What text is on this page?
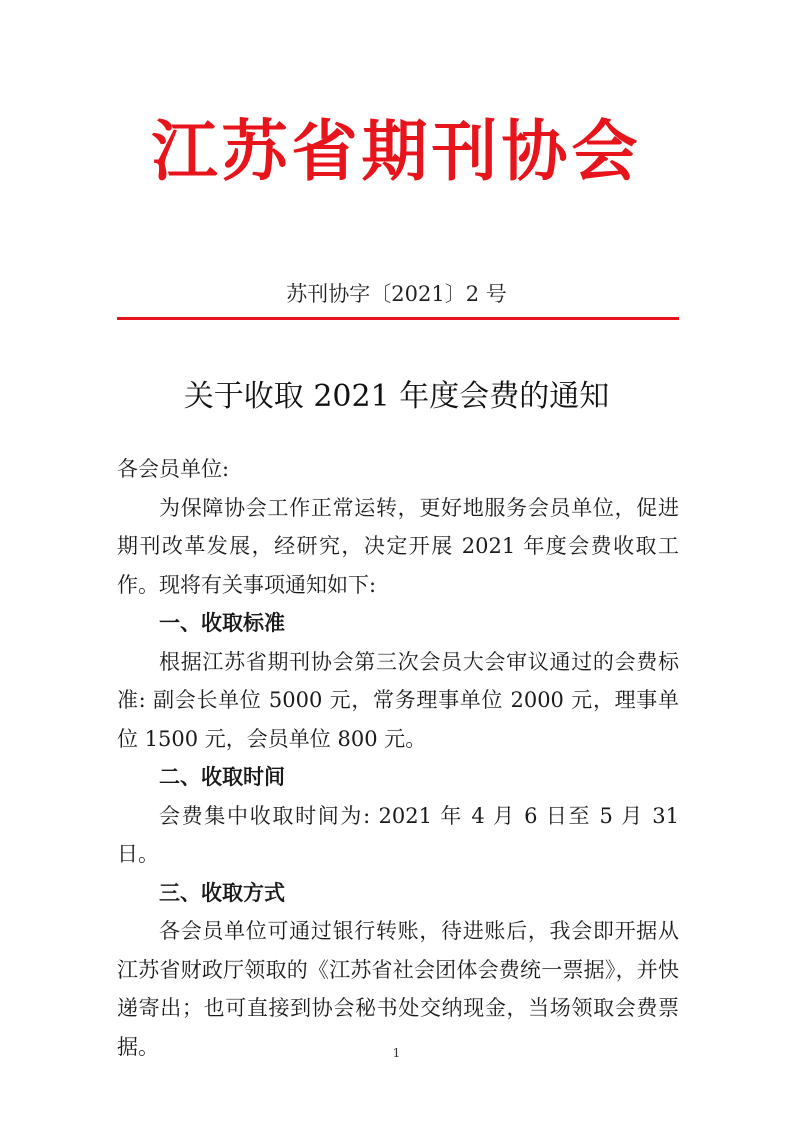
江苏省期刊协会
苏刊协字〔2021〕2 号
关于收取 2021 年度会费的通知

各会员单位:

为保障协会工作正常运转，更好地服务会员单位，促进期刊改革发展，经研究，决定开展 2021 年度会费收取工作。现将有关事项通知如下:

一、收取标准

根据江苏省期刊协会第三次会员大会审议通过的会费标准: 副会长单位 5000 元，常务理事单位 2000 元，理事单位 1500 元，会员单位 800 元。

二、收取时间

会费集中收取时间为: 2021 年 4 月 6 日至 5 月 31 日。

三、收取方式

各会员单位可通过银行转账，待进账后，我会即开据从江苏省财政厅领取的《江苏省社会团体会费统一票据》，并快递寄出；也可直接到协会秘书处交纳现金，当场领取会费票据。	1
